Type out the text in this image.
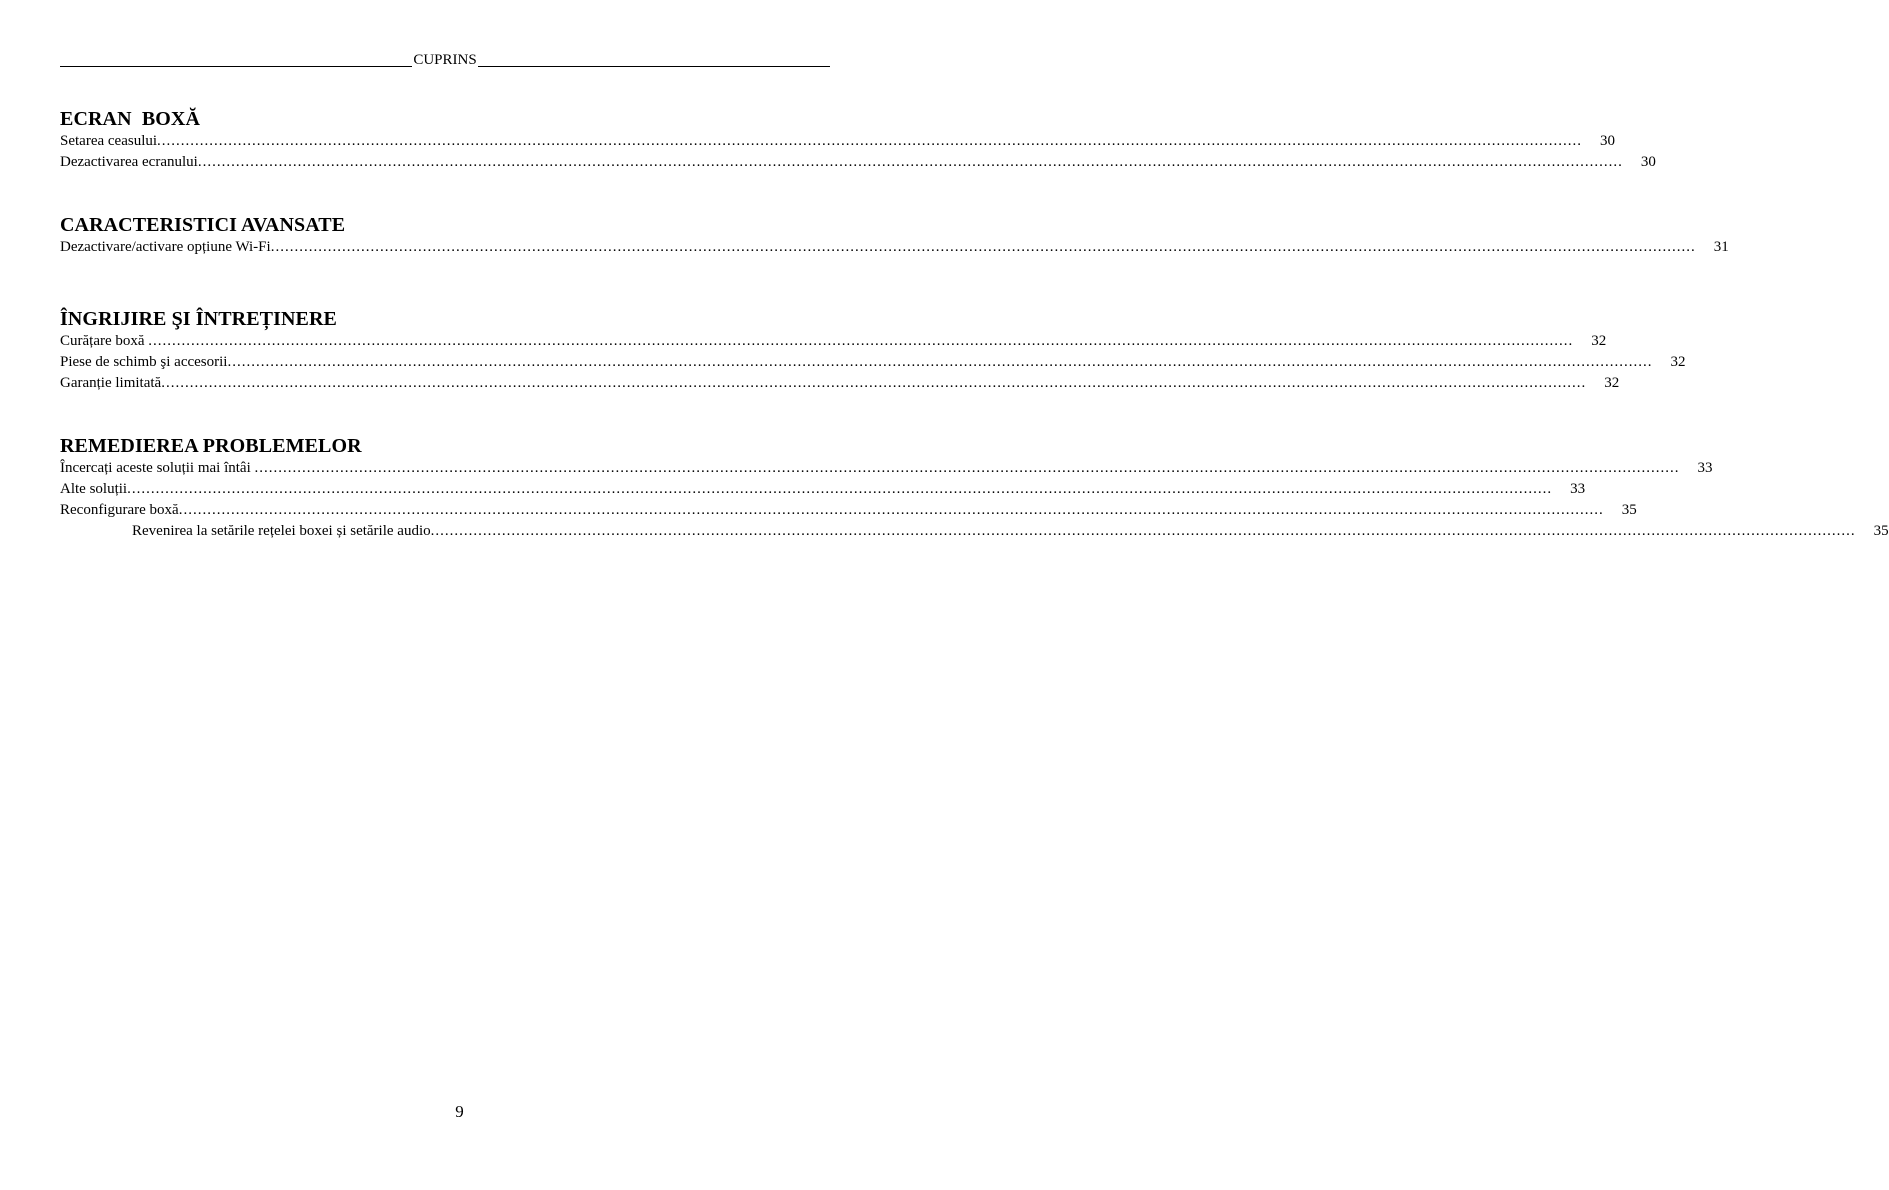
CUPRINS
ECRAN  BOXĂ
Setarea ceasului ............................................................................................................................................................................................................................................................................................................ 30
Dezactivarea ecranului ............................................................................................................................................................................................................................................................................................................ 30
CARACTERISTICI AVANSATE
Dezactivare/activare opțiune Wi-Fi ............................................................................................................................................................................................................................................................................................................ 31
ÎNGRIJIRE ŞI ÎNTREȚINERE
Curățare boxă ............................................................................................................................................................................................................................................................................................................ 32
Piese de schimb şi accesorii ............................................................................................................................................................................................................................................................................................................ 32
Garanție limitată ............................................................................................................................................................................................................................................................................................................ 32
REMEDIEREA PROBLEMELOR
Încercați aceste soluții mai întâi ............................................................................................................................................................................................................................................................................................................ 33
Alte soluții ............................................................................................................................................................................................................................................................................................................ 33
Reconfigurare boxă ............................................................................................................................................................................................................................................................................................................ 35
Revenirea la setările rețelei boxei și setările audio ............................................................................................................................................................................................................................................................................................................ 35
9
